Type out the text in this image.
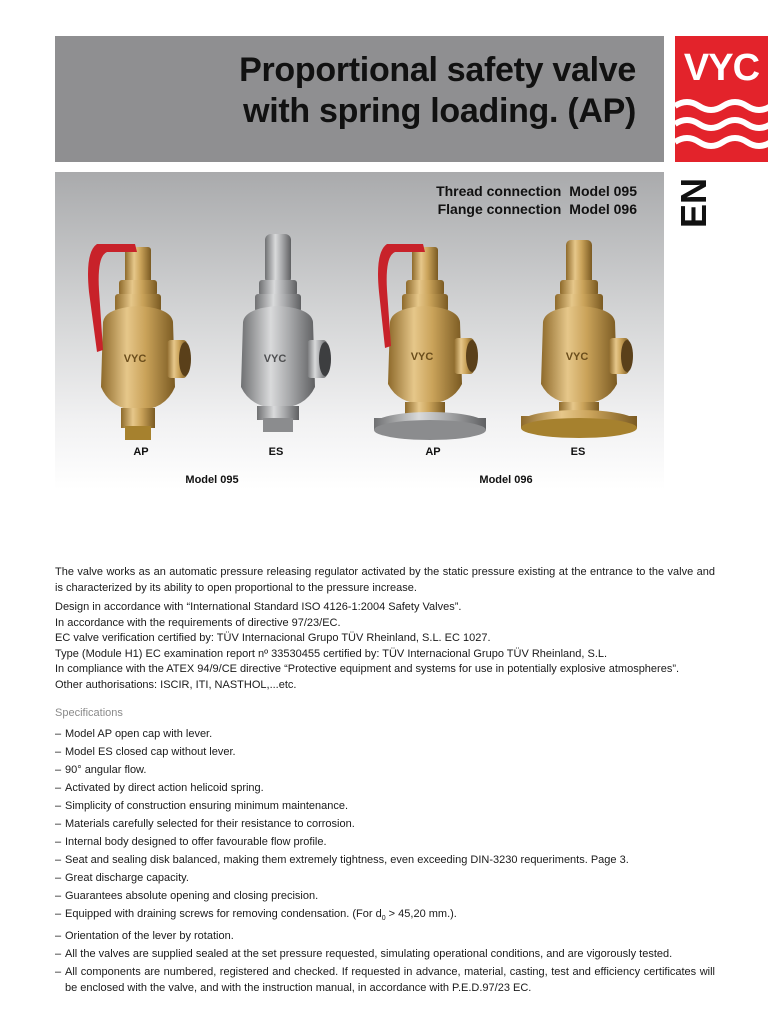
Proportional safety valve
with spring loading. (AP)
VYC
EN
VYC	VYC	VYC	VYC
Thread connection Model 095
Flange connection Model 096
AP	ES	AP	ES
Model 095	Model 096

The valve works as an automatic pressure releasing regulator activated by the static pressure existing at the entrance to the valve and is characterized by its ability to open proportional to the pressure increase.

Design in accordance with “International Standard ISO 4126-1:2004 Safety Valves”.

In accordance with the requirements of directive 97/23/EC.

EC valve verification certified by: TÜV Internacional Grupo TÜV Rheinland, S.L. EC 1027.

Type (Module H1) EC examination report nº 33530455 certified by: TÜV Internacional Grupo TÜV Rheinland, S.L.

In compliance with the ATEX 94/9/CE directive “Protective equipment and systems for use in potentially explosive atmospheres”.

Other authorisations: ISCIR, ITI, NASTHOL,...etc.

Specifications
– Model AP open cap with lever.
– Model ES closed cap without lever.
– 90° angular flow.
– Activated by direct action helicoid spring.
– Simplicity of construction ensuring minimum maintenance.
– Materials carefully selected for their resistance to corrosion.
– Internal body designed to offer favourable flow profile.
– Seat and sealing disk balanced, making them extremely tightness, even exceeding DIN-3230 requeriments. Page 3.
– Great discharge capacity.
– Guarantees absolute opening and closing precision.
– Equipped with draining screws for removing condensation. (For $d_0 > 45,20$ mm.).
– Orientation of the lever by rotation.
– All the valves are supplied sealed at the set pressure requested, simulating operational conditions, and are vigorously tested.
– All components are numbered, registered and checked. If requested in advance, material, casting, test and efficiency certificates will be enclosed with the valve, and with the instruction manual, in accordance with P.E.D.97/23 EC.
